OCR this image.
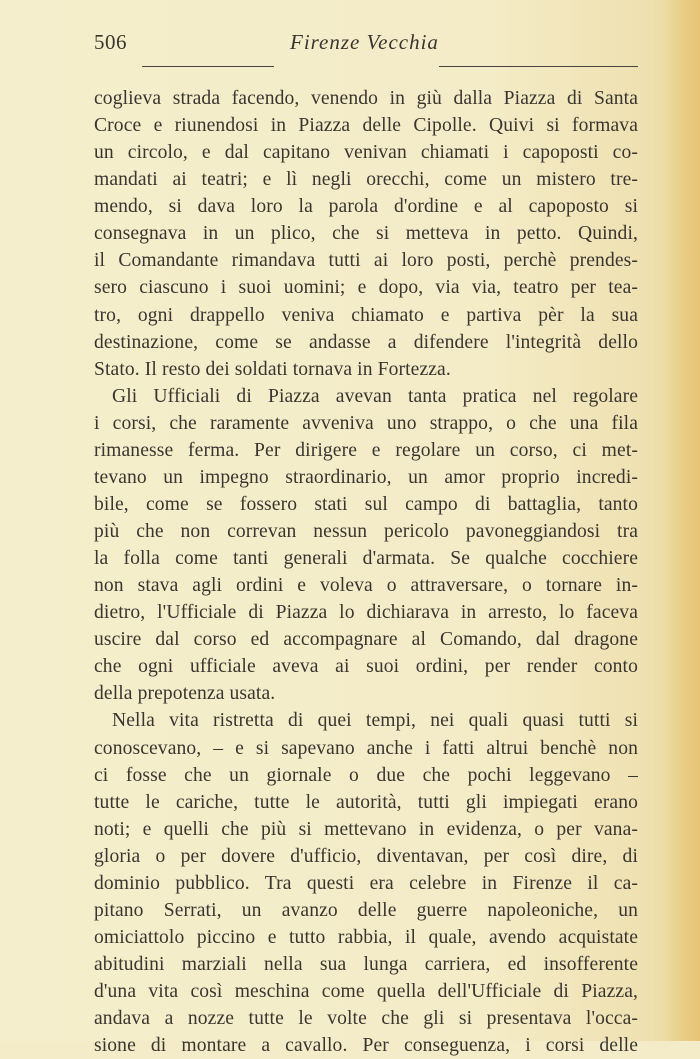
506	Firenze Vecchia
coglieva strada facendo, venendo in giù dalla Piazza di Santa
Croce e riunendosi in Piazza delle Cipolle. Quivi si formava
un circolo, e dal capitano venivan chiamati i capoposti co-
mandati ai teatri; e lì negli orecchi, come un mistero tre-
mendo, si dava loro la parola d'ordine e al capoposto si
consegnava in un plico, che si metteva in petto. Quindi,
il Comandante rimandava tutti ai loro posti, perchè prendes-
sero ciascuno i suoi uomini; e dopo, via via, teatro per tea-
tro, ogni drappello veniva chiamato e partiva pèr la sua
destinazione, come se andasse a difendere l'integrità dello
Stato. Il resto dei soldati tornava in Fortezza.
Gli Ufficiali di Piazza avevan tanta pratica nel regolare
i corsi, che raramente avveniva uno strappo, o che una fila
rimanesse ferma. Per dirigere e regolare un corso, ci met-
tevano un impegno straordinario, un amor proprio incredi-
bile, come se fossero stati sul campo di battaglia, tanto
più che non correvan nessun pericolo pavoneggiandosi tra
la folla come tanti generali d'armata. Se qualche cocchiere
non stava agli ordini e voleva o attraversare, o tornare in-
dietro, l'Ufficiale di Piazza lo dichiarava in arresto, lo faceva
uscire dal corso ed accompagnare al Comando, dal dragone
che ogni ufficiale aveva ai suoi ordini, per render conto
della prepotenza usata.
Nella vita ristretta di quei tempi, nei quali quasi tutti si
conoscevano, – e si sapevano anche i fatti altrui benchè non
ci fosse che un giornale o due che pochi leggevano –
tutte le cariche, tutte le autorità, tutti gli impiegati erano
noti; e quelli che più si mettevano in evidenza, o per vana-
gloria o per dovere d'ufficio, diventavan, per così dire, di
dominio pubblico. Tra questi era celebre in Firenze il ca-
pitano Serrati, un avanzo delle guerre napoleoniche, un
omiciattolo piccino e tutto rabbia, il quale, avendo acquistate
abitudini marziali nella sua lunga carriera, ed insofferente
d'una vita così meschina come quella dell'Ufficiale di Piazza,
andava a nozze tutte le volte che gli si presentava l'occa-
sione di montare a cavallo. Per conseguenza, i corsi delle
